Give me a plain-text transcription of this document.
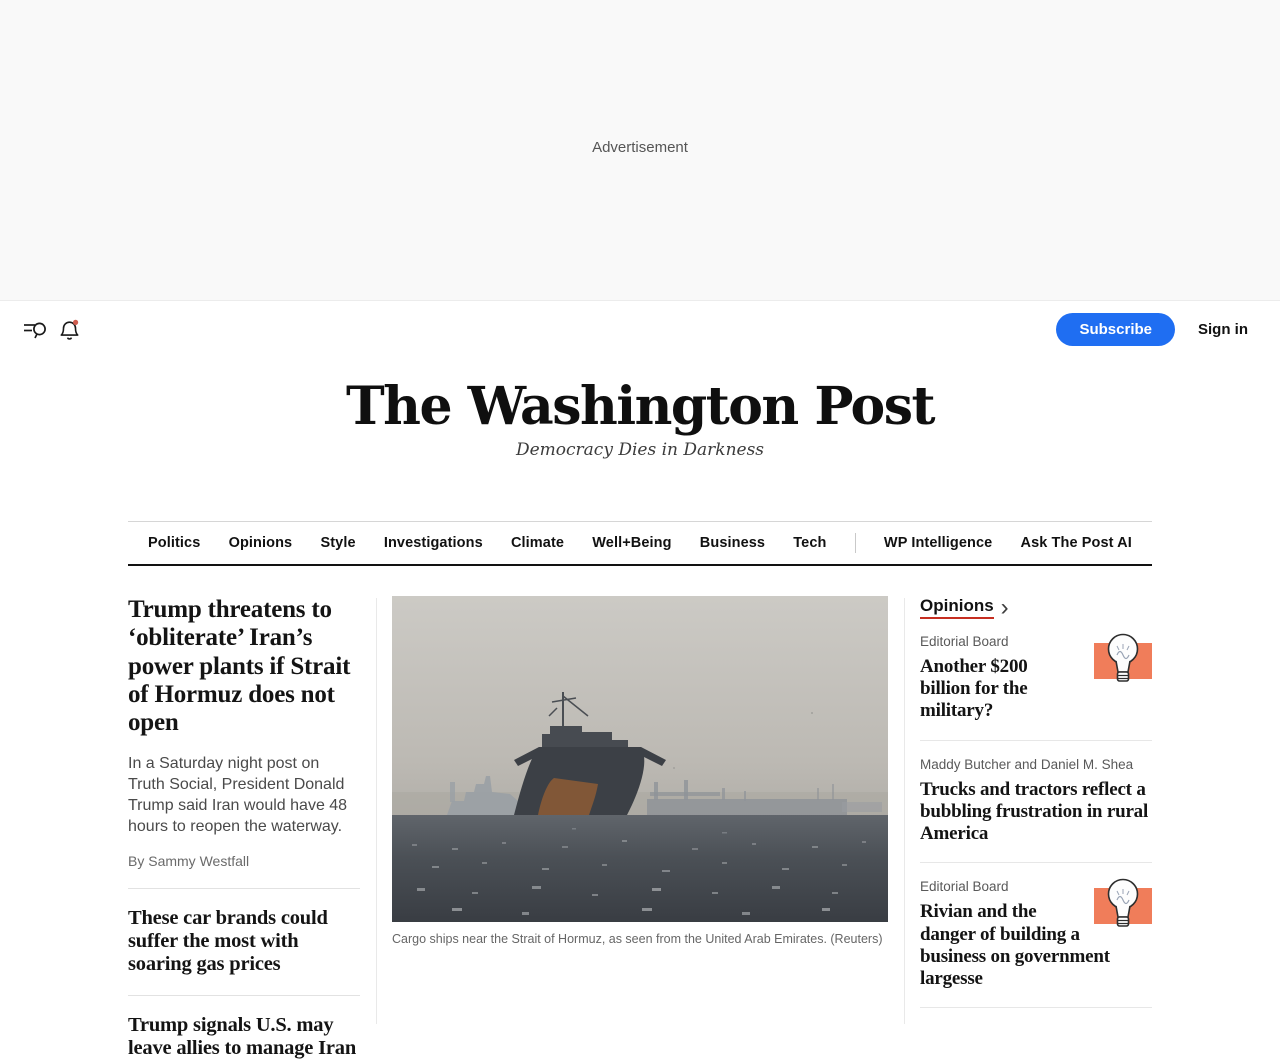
Advertisement
Subscribe	Sign in
The Washington Post
Democracy Dies in Darkness
Politics Opinions Style Investigations Climate Well+Being Business Tech	WP Intelligence Ask The Post AI
Trump threatens to ‘obliterate’ Iran’s power plants if Strait of Hormuz does not open

In a Saturday night post on Truth Social, President Donald Trump said Iran would have 48 hours to reopen the waterway.

By Sammy Westfall
These car brands could suffer the most with soaring gas prices
Trump signals U.S. may leave allies to manage Iran
Cargo ships near the Strait of Hormuz, as seen from the United Arab Emirates. (Reuters)
Opinions ›
Editorial Board
Another $200 billion for the military?
Maddy Butcher and Daniel M. Shea
Trucks and tractors reflect a bubbling frustration in rural America
Editorial Board
Rivian and the danger of building a business on government largesse
